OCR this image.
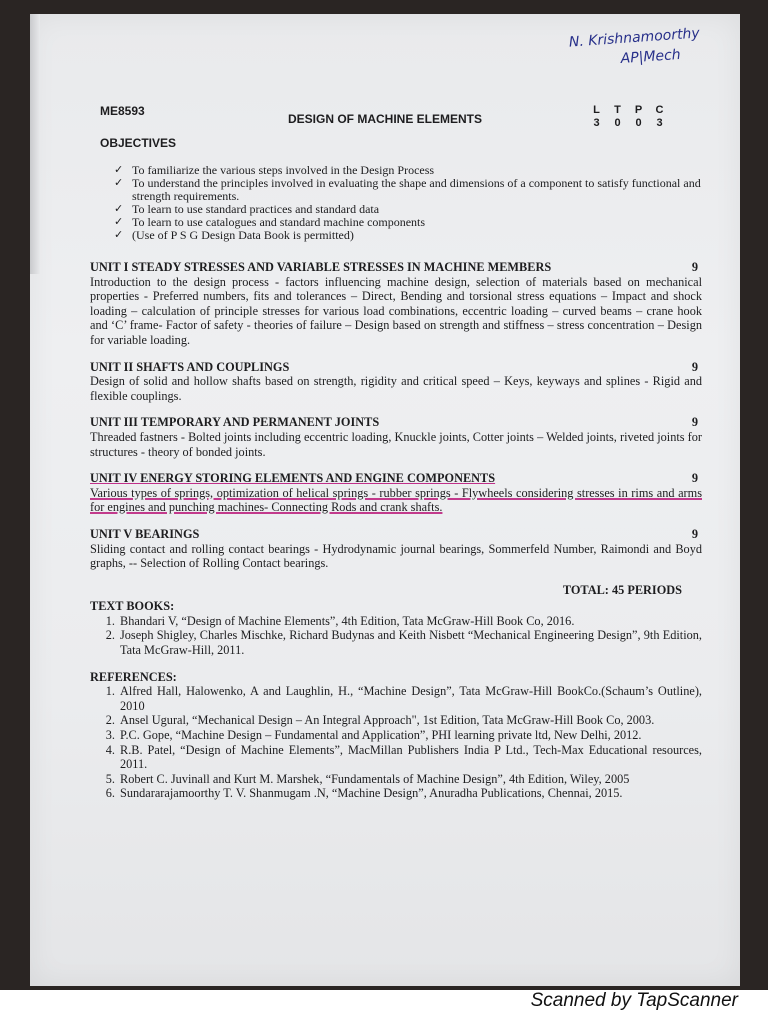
N. Krishnamoorthy
AP|Mech
ME8593
DESIGN OF MACHINE ELEMENTS
L	T	P	C
3	0	0	3
OBJECTIVES
✓ To familiarize the various steps involved in the Design Process
✓ To understand the principles involved in evaluating the shape and dimensions of a component to satisfy functional and strength requirements.
✓ To learn to use standard practices and standard data
✓ To learn to use catalogues and standard machine components
✓ (Use of P S G Design Data Book is permitted)
UNIT I STEADY STRESSES AND VARIABLE STRESSES IN MACHINE MEMBERS	9
Introduction to the design process - factors influencing machine design, selection of materials based on mechanical properties - Preferred numbers, fits and tolerances – Direct, Bending and torsional stress equations – Impact and shock loading – calculation of principle stresses for various load combinations, eccentric loading – curved beams – crane hook and ‘C’ frame- Factor of safety - theories of failure – Design based on strength and stiffness – stress concentration – Design for variable loading.
UNIT II SHAFTS AND COUPLINGS	9
Design of solid and hollow shafts based on strength, rigidity and critical speed – Keys, keyways and splines - Rigid and flexible couplings.
UNIT III TEMPORARY AND PERMANENT JOINTS	9
Threaded fastners - Bolted joints including eccentric loading, Knuckle joints, Cotter joints – Welded joints, riveted joints for structures - theory of bonded joints.
UNIT IV ENERGY STORING ELEMENTS AND ENGINE COMPONENTS	9
Various types of springs, optimization of helical springs - rubber springs - Flywheels considering stresses in rims and arms for engines and punching machines- Connecting Rods and crank shafts.
UNIT V BEARINGS	9
Sliding contact and rolling contact bearings - Hydrodynamic journal bearings, Sommerfeld Number, Raimondi and Boyd graphs, -- Selection of Rolling Contact bearings.
TOTAL: 45 PERIODS
TEXT BOOKS:
1. Bhandari V, “Design of Machine Elements”, 4th Edition, Tata McGraw-Hill Book Co, 2016.
2. Joseph Shigley, Charles Mischke, Richard Budynas and Keith Nisbett “Mechanical Engineering Design”, 9th Edition, Tata McGraw-Hill, 2011.
REFERENCES:
1. Alfred Hall, Halowenko, A and Laughlin, H., “Machine Design”, Tata McGraw-Hill BookCo.(Schaum’s Outline), 2010
2. Ansel Ugural, “Mechanical Design – An Integral Approach", 1st Edition, Tata McGraw-Hill Book Co, 2003.
3. P.C. Gope, “Machine Design – Fundamental and Application”, PHI learning private ltd, New Delhi, 2012.
4. R.B. Patel, “Design of Machine Elements”, MacMillan Publishers India P Ltd., Tech-Max Educational resources, 2011.
5. Robert C. Juvinall and Kurt M. Marshek, “Fundamentals of Machine Design”, 4th Edition, Wiley, 2005
6. Sundararajamoorthy T. V. Shanmugam .N, “Machine Design”, Anuradha Publications, Chennai, 2015.
Scanned by TapScanner
